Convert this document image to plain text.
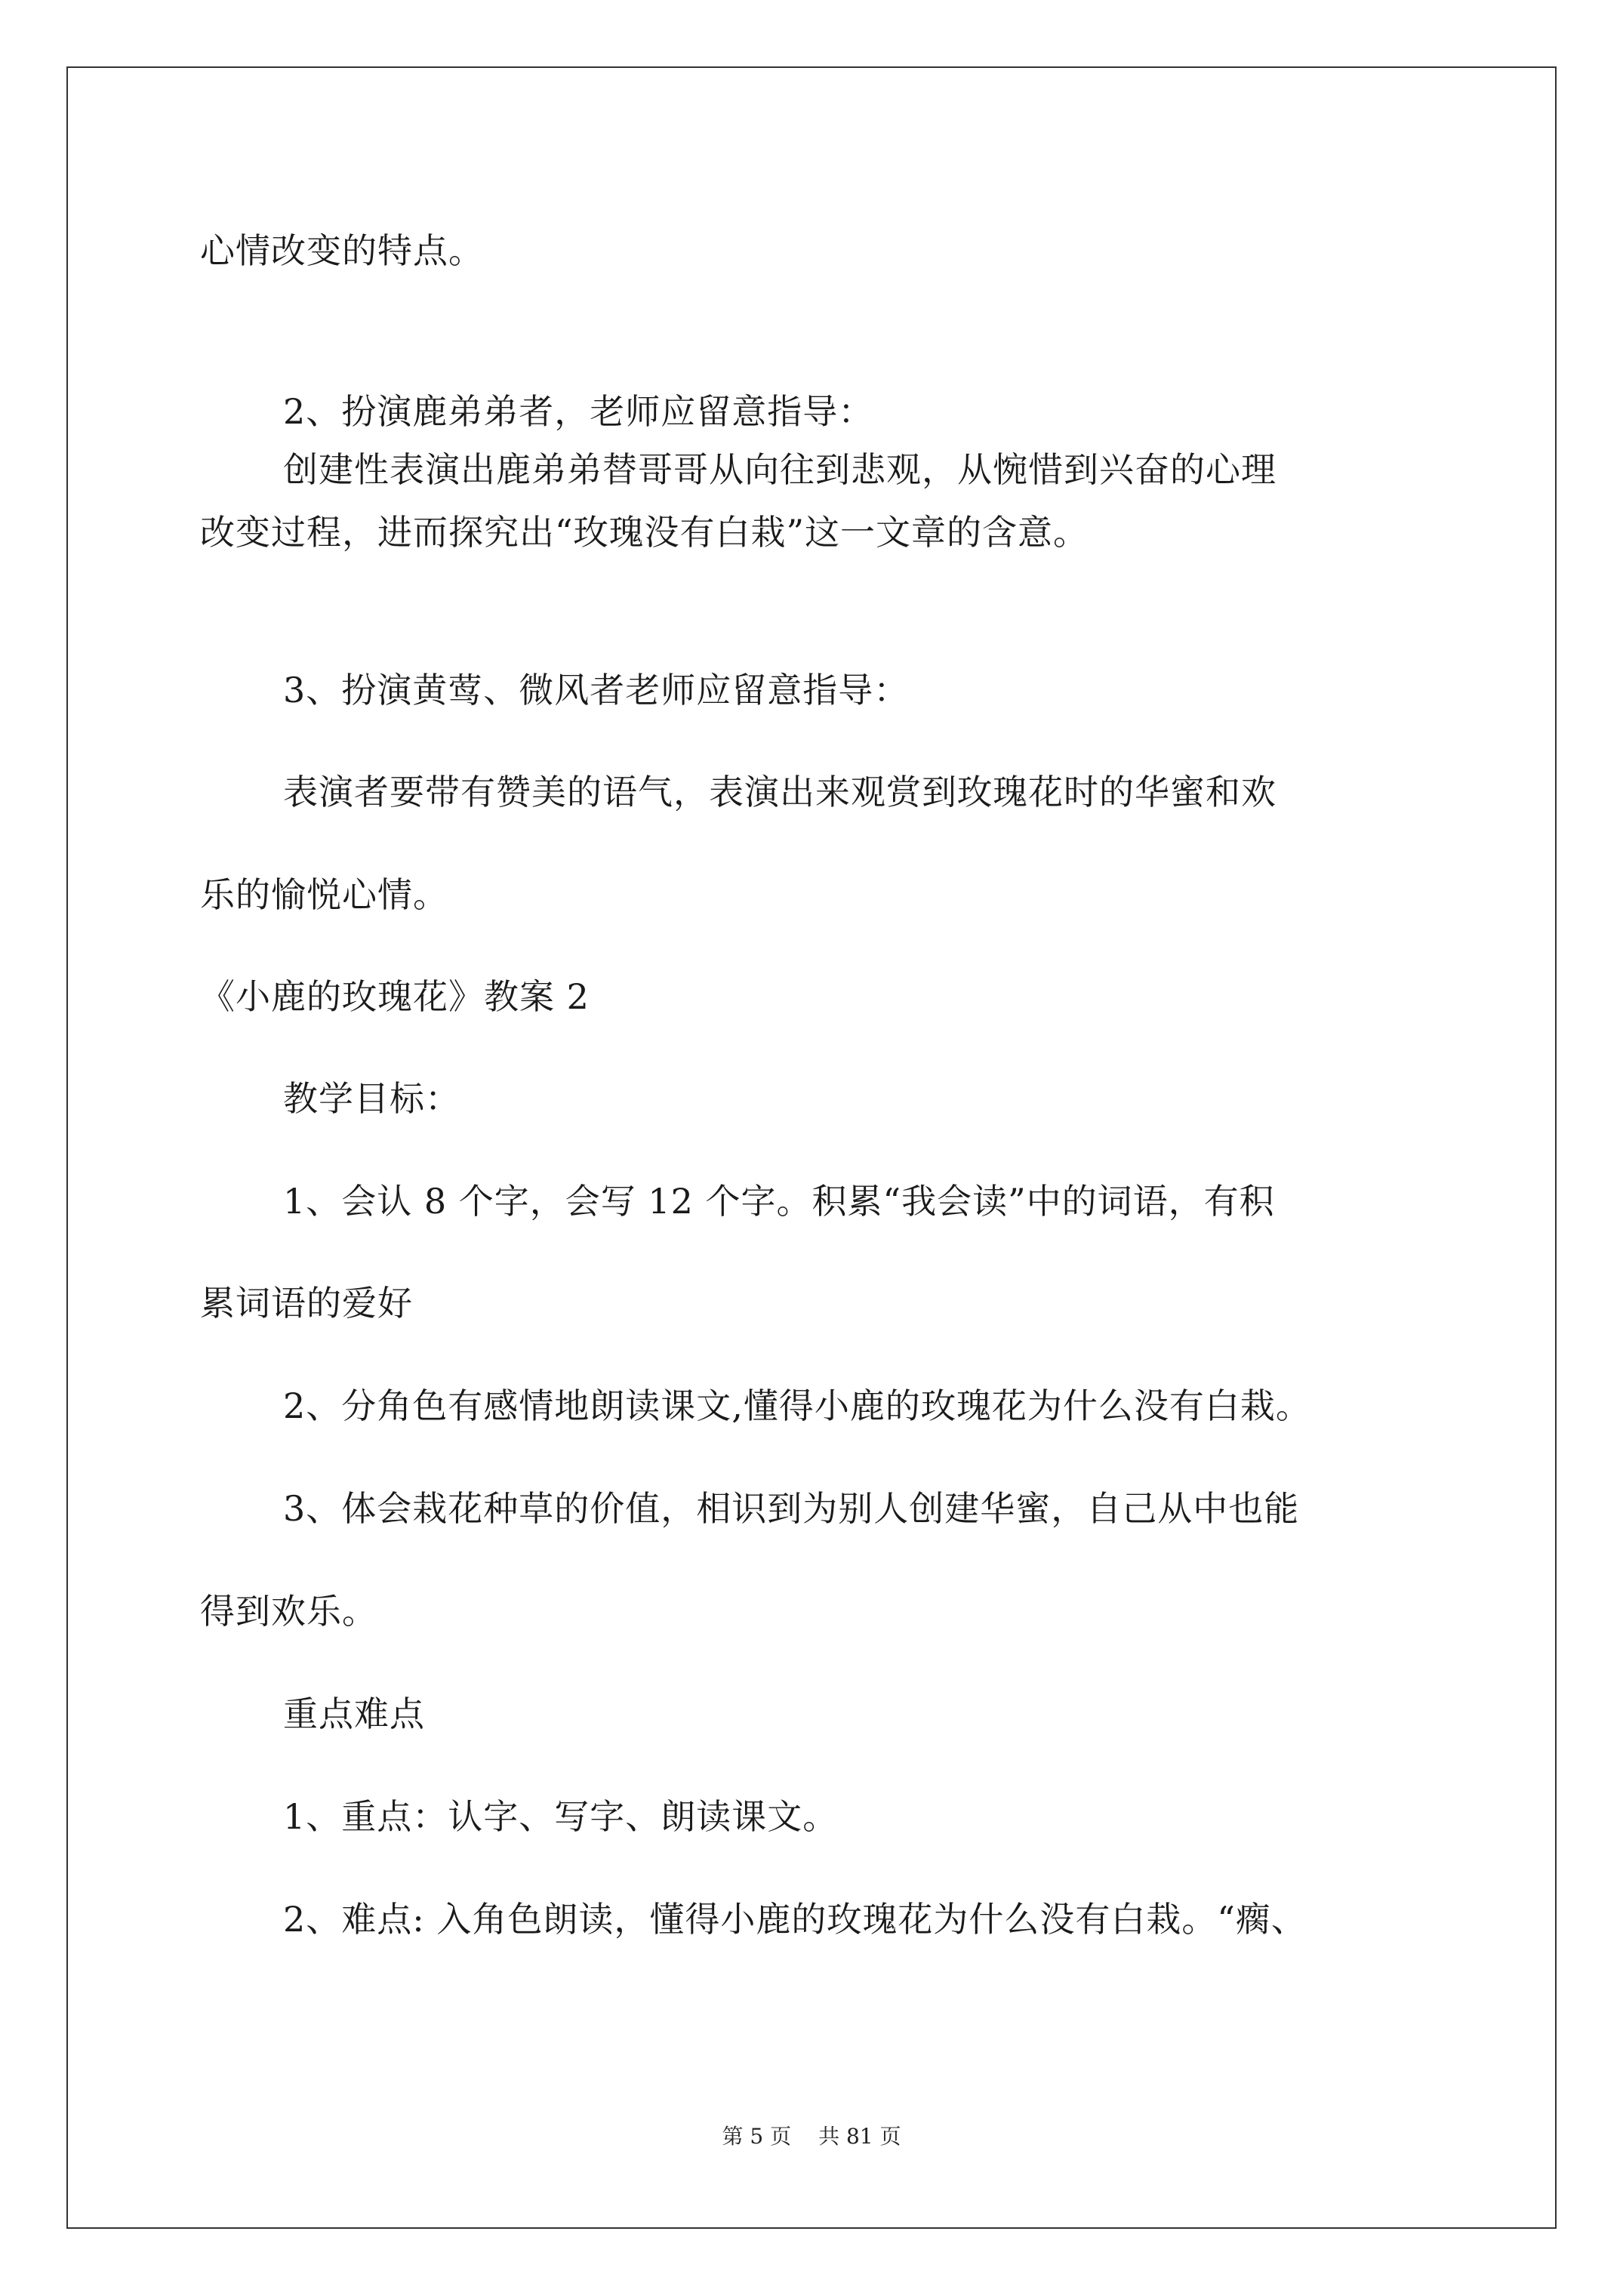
心情改变的特点。
2、扮演鹿弟弟者，老师应留意指导：
创建性表演出鹿弟弟替哥哥从向往到悲观，从惋惜到兴奋的心理
改变过程，进而探究出“玫瑰没有白栽”这一文章的含意。
3、扮演黄莺、微风者老师应留意指导：
表演者要带有赞美的语气，表演出来观赏到玫瑰花时的华蜜和欢
乐的愉悦心情。
《小鹿的玫瑰花》教案 2
教学目标：
1、会认 8 个字，会写 12 个字。积累“我会读”中的词语，有积
累词语的爱好
2、分角色有感情地朗读课文,懂得小鹿的玫瑰花为什么没有白栽。
3、体会栽花种草的价值，相识到为别人创建华蜜，自己从中也能
得到欢乐。
重点难点
1、重点：认字、写字、朗读课文。
2、难点: 入角色朗读，懂得小鹿的玫瑰花为什么没有白栽。“瘸、
第 5 页 共 81 页
